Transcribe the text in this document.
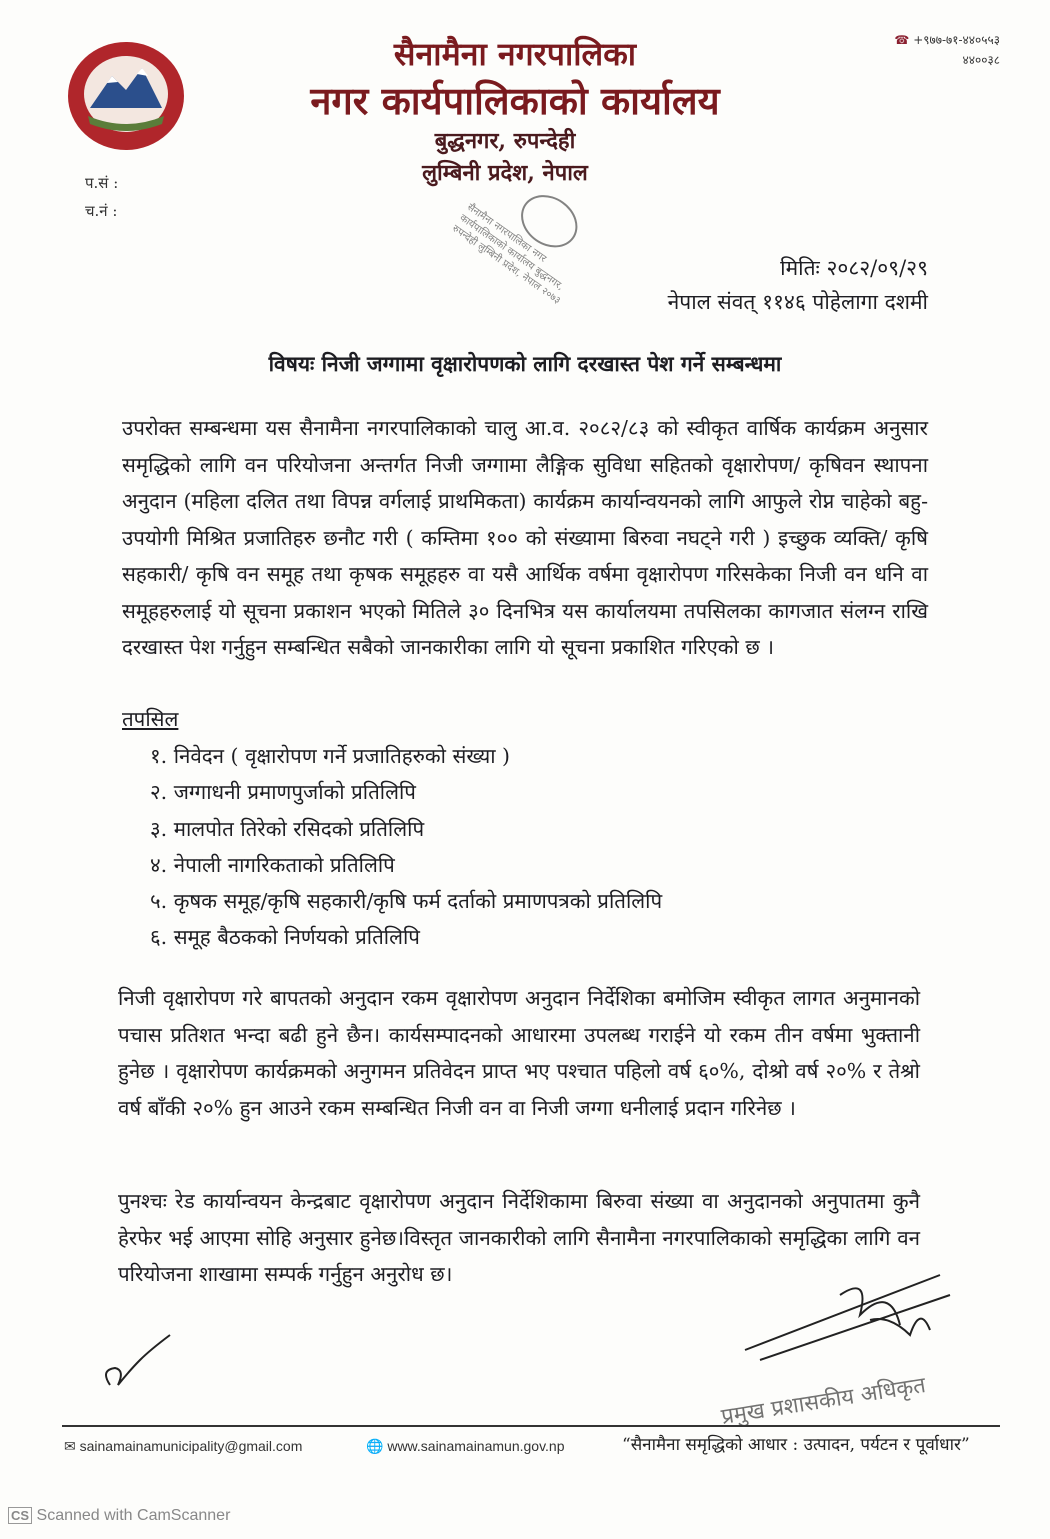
सैनामैना नगरपालिका
नगर कार्यपालिकाको कार्यालय
बुद्धनगर, रुपन्देही
लुम्बिनी प्रदेश, नेपाल
☎ +९७७-७१-४४०५५३
४४००३८
प.सं :
च.नं :	सैनामैना नगरपालिका नगर कार्यपालिकाको कार्यालय बुद्धनगर, रुपन्देही लुम्बिनी प्रदेश, नेपाल २०७३	मितिः २०८२/०९/२९
नेपाल संवत् ११४६ पोहेलागा दशमी
विषयः निजी जग्गामा वृक्षारोपणको लागि दरखास्त पेश गर्ने सम्बन्धमा
उपरोक्त सम्बन्धमा यस सैनामैना नगरपालिकाको चालु आ.व. २०८२/८३ को स्वीकृत वार्षिक कार्यक्रम अनुसार समृद्धिको लागि वन परियोजना अन्तर्गत निजी जग्गामा लैङ्गिक सुविधा सहितको वृक्षारोपण/ कृषिवन स्थापना अनुदान (महिला दलित तथा विपन्न वर्गलाई प्राथमिकता) कार्यक्रम कार्यान्वयनको लागि आफुले रोप्न चाहेको बहु-उपयोगी मिश्रित प्रजातिहरु छनौट गरी ( कम्तिमा १०० को संख्यामा बिरुवा नघट्ने गरी ) इच्छुक व्यक्ति/ कृषि सहकारी/ कृषि वन समूह तथा कृषक समूहहरु वा यसै आर्थिक वर्षमा वृक्षारोपण गरिसकेका निजी वन धनि वा समूहहरुलाई यो सूचना प्रकाशन भएको मितिले ३० दिनभित्र यस कार्यालयमा तपसिलका कागजात संलग्न राखि दरखास्त पेश गर्नुहुन सम्बन्धित सबैको जानकारीका लागि यो सूचना प्रकाशित गरिएको छ ।
तपसिल
१. निवेदन ( वृक्षारोपण गर्ने प्रजातिहरुको संख्या )
२. जग्गाधनी प्रमाणपुर्जाको प्रतिलिपि
३. मालपोत तिरेको रसिदको प्रतिलिपि
४. नेपाली नागरिकताको प्रतिलिपि
५. कृषक समूह/कृषि सहकारी/कृषि फर्म दर्ताको प्रमाणपत्रको प्रतिलिपि
६. समूह बैठकको निर्णयको प्रतिलिपि
निजी वृक्षारोपण गरे बापतको अनुदान रकम वृक्षारोपण अनुदान निर्देशिका बमोजिम स्वीकृत लागत अनुमानको पचास प्रतिशत भन्दा बढी हुने छैन। कार्यसम्पादनको आधारमा उपलब्ध गराईने यो रकम तीन वर्षमा भुक्तानी हुनेछ । वृक्षारोपण कार्यक्रमको अनुगमन प्रतिवेदन प्राप्त भए पश्चात पहिलो वर्ष ६०%, दोश्रो वर्ष २०% र तेश्रो वर्ष बाँकी २०% हुन आउने रकम सम्बन्धित निजी वन वा निजी जग्गा धनीलाई प्रदान गरिनेछ ।
पुनश्चः रेड कार्यान्वयन केन्द्रबाट वृक्षारोपण अनुदान निर्देशिकामा बिरुवा संख्या वा अनुदानको अनुपातमा कुनै हेरफेर भई आएमा सोहि अनुसार हुनेछ।विस्तृत जानकारीको लागि सैनामैना नगरपालिकाको समृद्धिका लागि वन परियोजना शाखामा सम्पर्क गर्नुहुन अनुरोध छ।
प्रमुख प्रशासकीय अधिकृत
✉ sainamainamunicipality@gmail.com	🌐 www.sainamainamun.gov.np	“सैनामैना समृद्धिको आधार : उत्पादन, पर्यटन र पूर्वाधार”
CS Scanned with CamScanner
